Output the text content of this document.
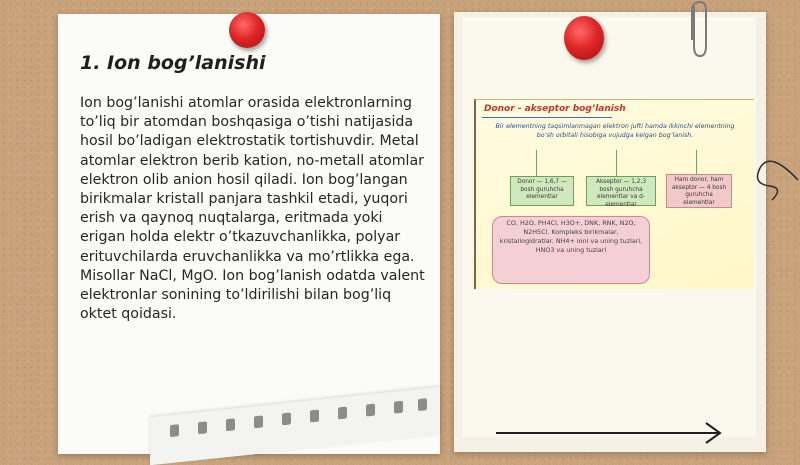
1. Ion bog’lanishi

Ion bog’lanishi atomlar orasida elektronlarning to’liq bir atomdan boshqasiga o’tishi natijasida hosil bo’ladigan elektrostatik tortishuvdir. Metal atomlar elektron berib kation, no-metall atomlar elektron olib anion hosil qiladi. Ion bog’langan birikmalar kristall panjara tashkil etadi, yuqori erish va qaynoq nuqtalarga, eritmada yoki erigan holda elektr o’tkazuvchanlikka, polyar erituvchilarda eruvchanlikka va mo’rtlikka ega. Misollar NaCl, MgO. Ion bog’lanish odatda valent elektronlar sonining to’ldirilishi bilan bog’liq oktet qoidasi.

Donor - akseptor bog’lanish

Bir elementning taqsimlanmagan elektron jufti hamda ikkinchi elementning bo’sh orbitali hisobiga vujudga kelgan bog’lanish.

Donor — 1,6,7 — bosh guruhcha elementlar
Akseptor — 1,2,3 bosh guruhcha elementlar va d-elementlar
Ham donor, ham akseptor — 4 bosh guruhcha elementlar
CO, H2O, PH4Cl, H3O+, DNK, RNK, N2O, N2H5Cl. Kompleks birikmalar, kristallogidratlar. NH4+ ioni va uning tuzlari, HNO3 va uning tuzlari
